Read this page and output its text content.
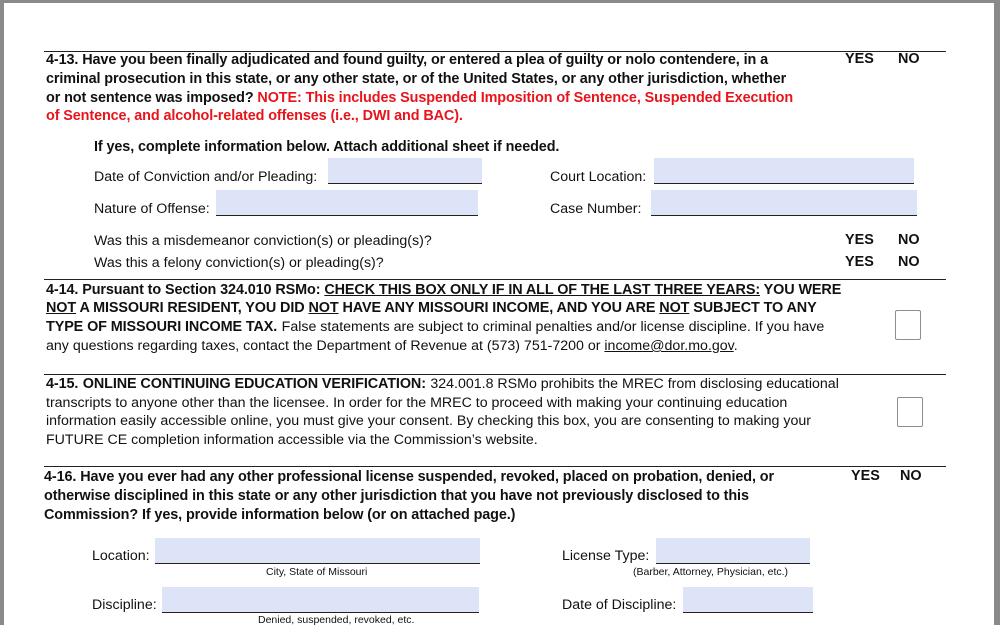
4-13. Have you been finally adjudicated and found guilty, or entered a plea of guilty or nolo contendere, in a	YES NO
criminal prosecution in this state, or any other state, or of the United States, or any other jurisdiction, whether
or not sentence was imposed? NOTE: This includes Suspended Imposition of Sentence, Suspended Execution
of Sentence, and alcohol-related offenses (i.e., DWI and BAC).
If yes, complete information below. Attach additional sheet if needed.
Date of Conviction and/or Pleading:	Court Location:
Nature of Offense:	Case Number:
Was this a misdemeanor conviction(s) or pleading(s)?	YES NO
Was this a felony conviction(s) or pleading(s)?	YES NO
4-14. Pursuant to Section 324.010 RSMo: CHECK THIS BOX ONLY IF IN ALL OF THE LAST THREE YEARS: YOU WERE
NOT A MISSOURI RESIDENT, YOU DID NOT HAVE ANY MISSOURI INCOME, AND YOU ARE NOT SUBJECT TO ANY
TYPE OF MISSOURI INCOME TAX. False statements are subject to criminal penalties and/or license discipline. If you have
any questions regarding taxes, contact the Department of Revenue at (573) 751-7200 or income@dor.mo.gov.
4-15. ONLINE CONTINUING EDUCATION VERIFICATION: 324.001.8 RSMo prohibits the MREC from disclosing educational
transcripts to anyone other than the licensee. In order for the MREC to proceed with making your continuing education
information easily accessible online, you must give your consent. By checking this box, you are consenting to making your
FUTURE CE completion information accessible via the Commission’s website.
4-16. Have you ever had any other professional license suspended, revoked, placed on probation, denied, or	YES NO
otherwise disciplined in this state or any other jurisdiction that you have not previously disclosed to this
Commission? If yes, provide information below (or on attached page.)
Location:
City, State of Missouri
License Type:
(Barber, Attorney, Physician, etc.)
Discipline:
Denied, suspended, revoked, etc.
Date of Discipline:
